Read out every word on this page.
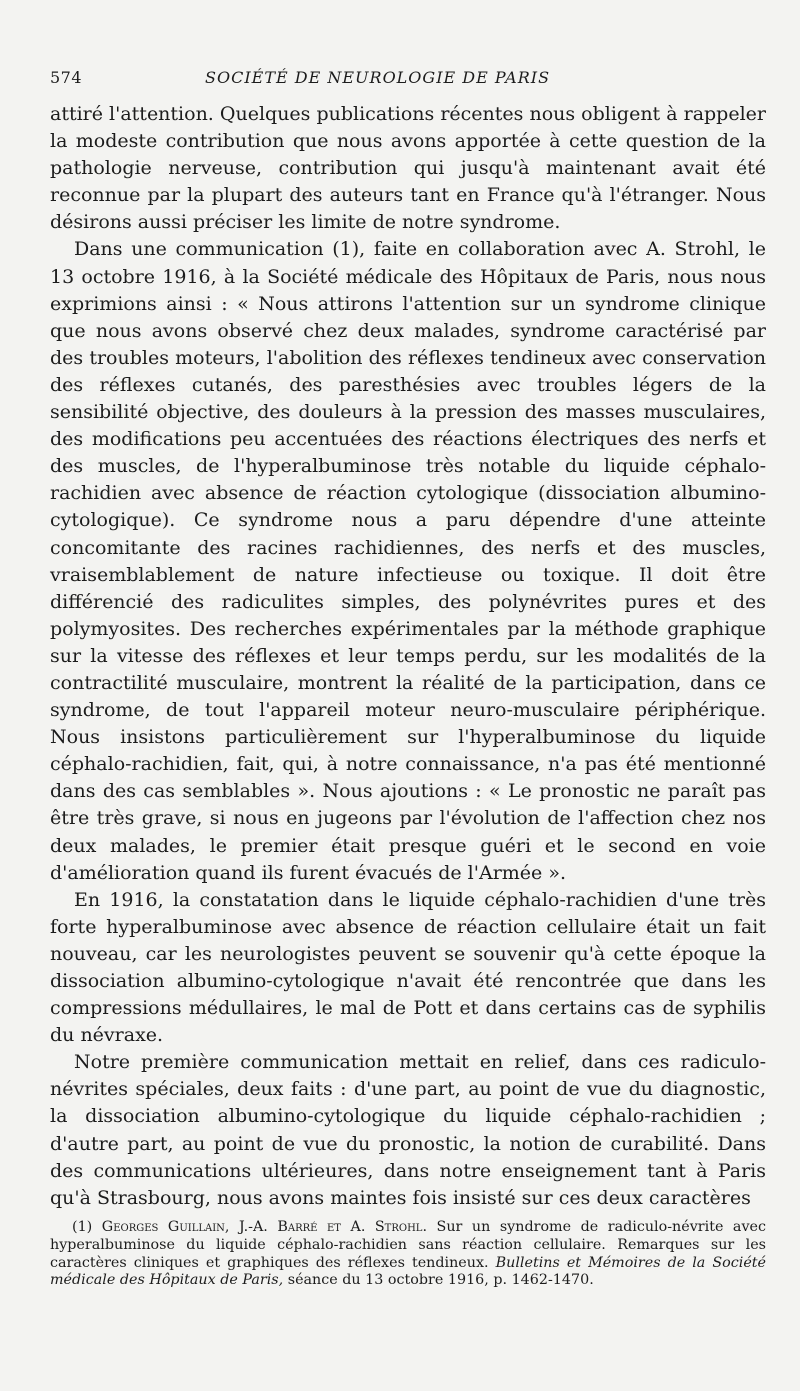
574	SOCIÉTÉ DE NEUROLOGIE DE PARIS

attiré l'attention. Quelques publications récentes nous obligent à rappeler la modeste contribution que nous avons apportée à cette question de la pathologie nerveuse, contribution qui jusqu'à maintenant avait été reconnue par la plupart des auteurs tant en France qu'à l'étranger. Nous désirons aussi préciser les limite de notre syndrome.

Dans une communication (1), faite en collaboration avec A. Strohl, le 13 octobre 1916, à la Société médicale des Hôpitaux de Paris, nous nous exprimions ainsi : « Nous attirons l'attention sur un syndrome clinique que nous avons observé chez deux malades, syndrome caractérisé par des troubles moteurs, l'abolition des réflexes tendineux avec conservation des réflexes cutanés, des paresthésies avec troubles légers de la sensibilité objective, des douleurs à la pression des masses musculaires, des modifications peu accentuées des réactions électriques des nerfs et des muscles, de l'hyperalbuminose très notable du liquide céphalo-rachidien avec absence de réaction cytologique (dissociation albumino-cytologique). Ce syndrome nous a paru dépendre d'une atteinte concomitante des racines rachidiennes, des nerfs et des muscles, vraisemblablement de nature infectieuse ou toxique. Il doit être différencié des radiculites simples, des polynévrites pures et des polymyosites. Des recherches expérimentales par la méthode graphique sur la vitesse des réflexes et leur temps perdu, sur les modalités de la contractilité musculaire, montrent la réalité de la participation, dans ce syndrome, de tout l'appareil moteur neuro-musculaire périphérique. Nous insistons particulièrement sur l'hyperalbuminose du liquide céphalo-rachidien, fait, qui, à notre connaissance, n'a pas été mentionné dans des cas semblables ». Nous ajoutions : « Le pronostic ne paraît pas être très grave, si nous en jugeons par l'évolution de l'affection chez nos deux malades, le premier était presque guéri et le second en voie d'amélioration quand ils furent évacués de l'Armée ».

En 1916, la constatation dans le liquide céphalo-rachidien d'une très forte hyperalbuminose avec absence de réaction cellulaire était un fait nouveau, car les neurologistes peuvent se souvenir qu'à cette époque la dissociation albumino-cytologique n'avait été rencontrée que dans les compressions médullaires, le mal de Pott et dans certains cas de syphilis du névraxe.

Notre première communication mettait en relief, dans ces radiculo-névrites spéciales, deux faits : d'une part, au point de vue du diagnostic, la dissociation albumino-cytologique du liquide céphalo-rachidien ; d'autre part, au point de vue du pronostic, la notion de curabilité. Dans des communications ultérieures, dans notre enseignement tant à Paris qu'à Strasbourg, nous avons maintes fois insisté sur ces deux caractères

(1) Georges Guillain, J.-A. Barré et A. Strohl. Sur un syndrome de radiculo-névrite avec hyperalbuminose du liquide céphalo-rachidien sans réaction cellulaire. Remarques sur les caractères cliniques et graphiques des réflexes tendineux. Bulletins et Mémoires de la Société médicale des Hôpitaux de Paris, séance du 13 octobre 1916, p. 1462-1470.
